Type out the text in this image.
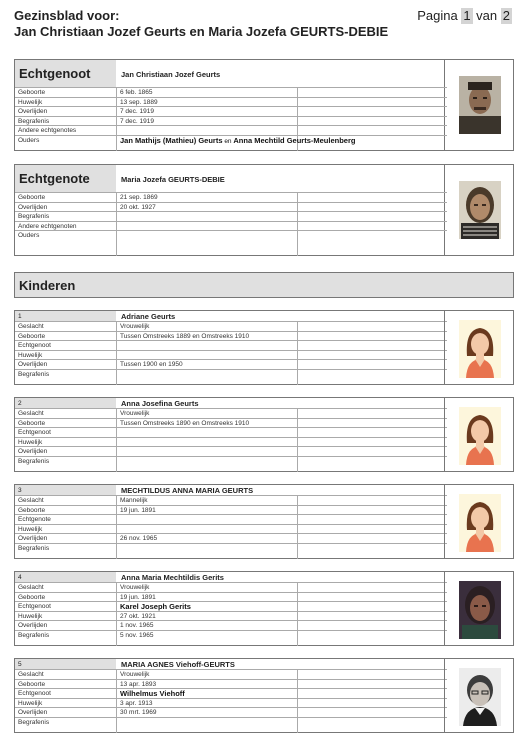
Gezinsblad voor:
Jan Christiaan Jozef Geurts en Maria Jozefa GEURTS-DEBIE
Pagina 1 van 2
Echtgenoot	Jan Christiaan Jozef Geurts
Geboorte	6 feb. 1865
Huwelijk	13 sep. 1889
Overlijden	7 dec. 1919
Begrafenis	7 dec. 1919
Andere echtgenotes
Ouders	Jan Mathijs (Mathieu) Geurts en Anna Mechtild Geurts-Meulenberg
Echtgenote	Maria Jozefa GEURTS-DEBIE
Geboorte	21 sep. 1869
Overlijden	20 okt. 1927
Begrafenis
Andere echtgenoten
Ouders
Kinderen
1	Adriane Geurts
Geslacht	Vrouwelijk
Geboorte	Tussen Omstreeks 1889 en Omstreeks 1910
Echtgenoot
Huwelijk
Overlijden	Tussen 1900 en 1950
Begrafenis
2	Anna Josefina Geurts
Geslacht	Vrouwelijk
Geboorte	Tussen Omstreeks 1890 en Omstreeks 1910
Echtgenoot
Huwelijk
Overlijden
Begrafenis
3	MECHTILDUS ANNA MARIA GEURTS
Geslacht	Mannelijk
Geboorte	19 jun. 1891
Echtgenote
Huwelijk
Overlijden	26 nov. 1965
Begrafenis
4	Anna Maria Mechtildis Gerits
Geslacht	Vrouwelijk
Geboorte	19 jun. 1891
Echtgenoot	Karel Joseph Gerits
Huwelijk	27 okt. 1921
Overlijden	1 nov. 1965
Begrafenis	5 nov. 1965
5	MARIA AGNES Viehoff-GEURTS
Geslacht	Vrouwelijk
Geboorte	13 apr. 1893
Echtgenoot	Wilhelmus Viehoff
Huwelijk	3 apr. 1913
Overlijden	30 mrt. 1969
Begrafenis
